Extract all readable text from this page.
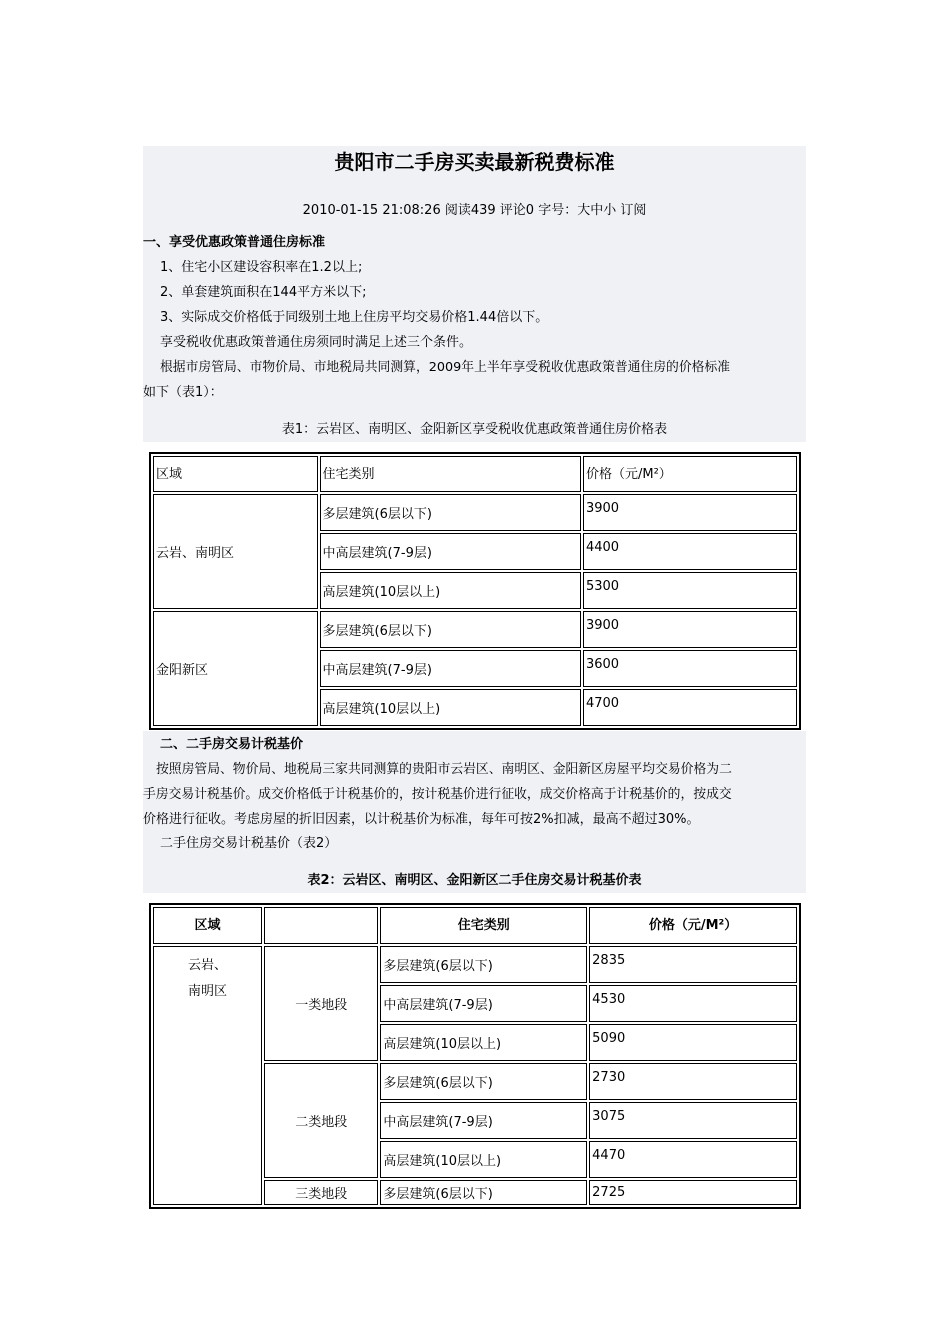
贵阳市二手房买卖最新税费标准
2010-01-15 21:08:26 阅读439 评论0 字号：大中小 订阅
一、享受优惠政策普通住房标准
1、住宅小区建设容积率在1.2以上;
2、单套建筑面积在144平方米以下;
3、实际成交价格低于同级别土地上住房平均交易价格1.44倍以下。
享受税收优惠政策普通住房须同时满足上述三个条件。
根据市房管局、市物价局、市地税局共同测算，2009年上半年享受税收优惠政策普通住房的价格标准
如下（表1）：
表1：云岩区、南明区、金阳新区享受税收优惠政策普通住房价格表
区域	住宅类别	价格（元/M²）
云岩、南明区	多层建筑(6层以下)	3900
	中高层建筑(7-9层)	4400
	高层建筑(10层以上)	5300
金阳新区	多层建筑(6层以下)	3900
	中高层建筑(7-9层)	3600
	高层建筑(10层以上)	4700
二、二手房交易计税基价
按照房管局、物价局、地税局三家共同测算的贵阳市云岩区、南明区、金阳新区房屋平均交易价格为二
手房交易计税基价。成交价格低于计税基价的，按计税基价进行征收，成交价格高于计税基价的，按成交
价格进行征收。考虑房屋的折旧因素，以计税基价为标准，每年可按2%扣减，最高不超过30%。
二手住房交易计税基价（表2）
表2：云岩区、南明区、金阳新区二手住房交易计税基价表
区域		住宅类别	价格（元/M²）

云岩、
南明区	一类地段	多层建筑(6层以下)	2835
		中高层建筑(7-9层)	4530
		高层建筑(10层以上)	5090
	二类地段	多层建筑(6层以下)	2730
		中高层建筑(7-9层)	3075
		高层建筑(10层以上)	4470
	三类地段	多层建筑(6层以下)	2725
